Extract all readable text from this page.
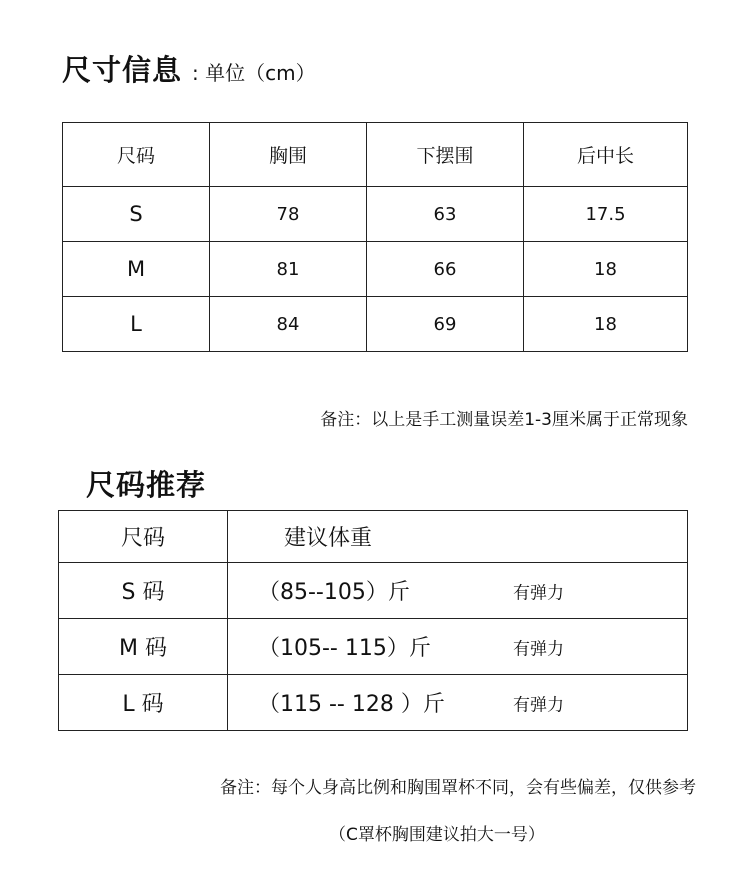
尺寸信息 : 单位（cm）
尺码	胸围	下摆围	后中长
S	78	63	17.5
M	81	66	18
L	84	69	18
备注：以上是手工测量误差1-3厘米属于正常现象
尺码推荐
尺码	建议体重
S 码	（85--105）斤 有弹力

M 码	（105-- 115）斤 有弹力

L 码	（115 -- 128 ）斤 有弹力
备注：每个人身高比例和胸围罩杯不同，会有些偏差，仅供参考
（C罩杯胸围建议拍大一号）
